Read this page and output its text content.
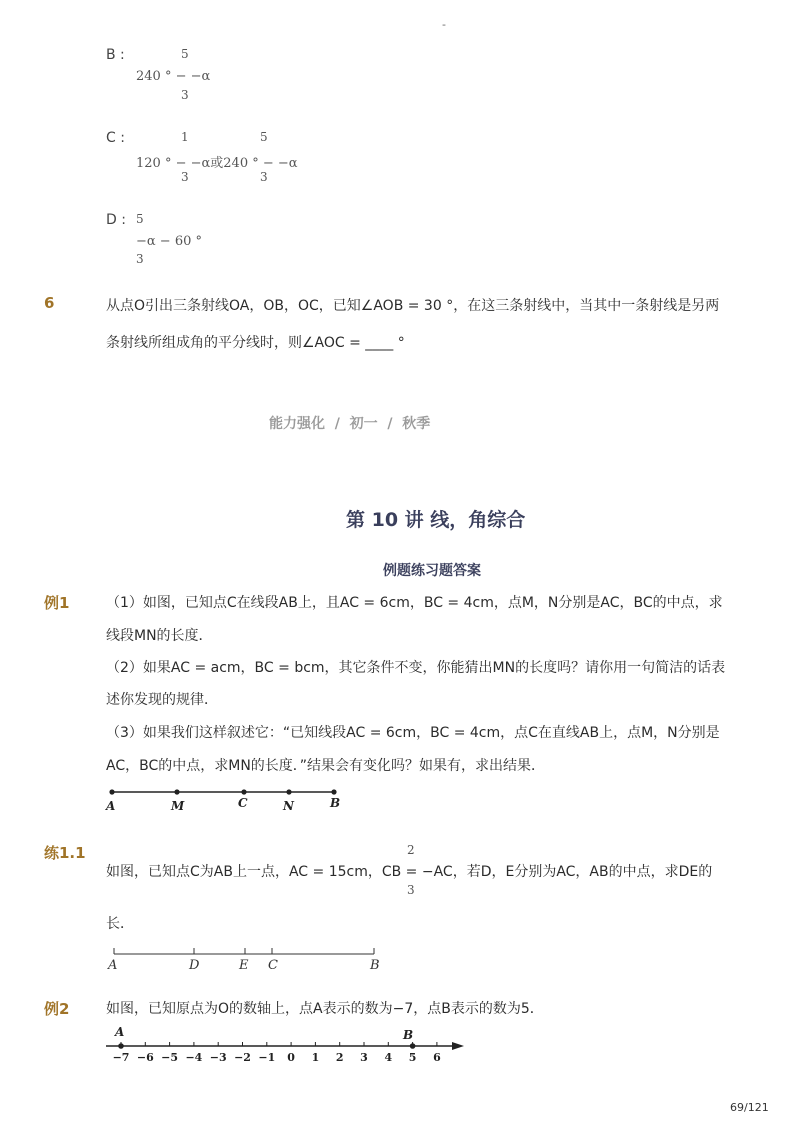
-
B :	5
240 ° − −α
3
C :	1	5
120 ° − −α或240 ° − −α
3	3
D : 5
−α − 60 °
3
6	从点O引出三条射线OA，OB，OC，已知∠AOB = 30 °，在这三条射线中，当其中一条射线是另两
条射线所组成角的平分线时，则∠AOC = ____ °
能力强化  /  初一  /  秋季
第 10 讲 线，角综合
例题练习题答案
例1	（1）如图，已知点C在线段AB上，且AC = 6cm，BC = 4cm，点M，N分别是AC，BC的中点，求
线段MN的长度．
（2）如果AC = acm，BC = bcm，其它条件不变，你能猜出MN的长度吗？请你用一句简洁的话表
述你发现的规律．
（3）如果我们这样叙述它：“已知线段AC = 6cm，BC = 4cm，点C在直线AB上，点M，N分别是
AC，BC的中点，求MN的长度．”结果会有变化吗？如果有，求出结果．
A	M	C	N	B
练1.1	2
如图，已知点C为AB上一点，AC = 15cm，CB = −AC，若D，E分别为AC，AB的中点，求DE的
3
长．
A	D	E C	B
例2	如图，已知原点为O的数轴上，点A表示的数为−7，点B表示的数为5．
A	B
−7 −6 −5 −4 −3 −2 −1 0 1 2 3 4 5 6
69/121
